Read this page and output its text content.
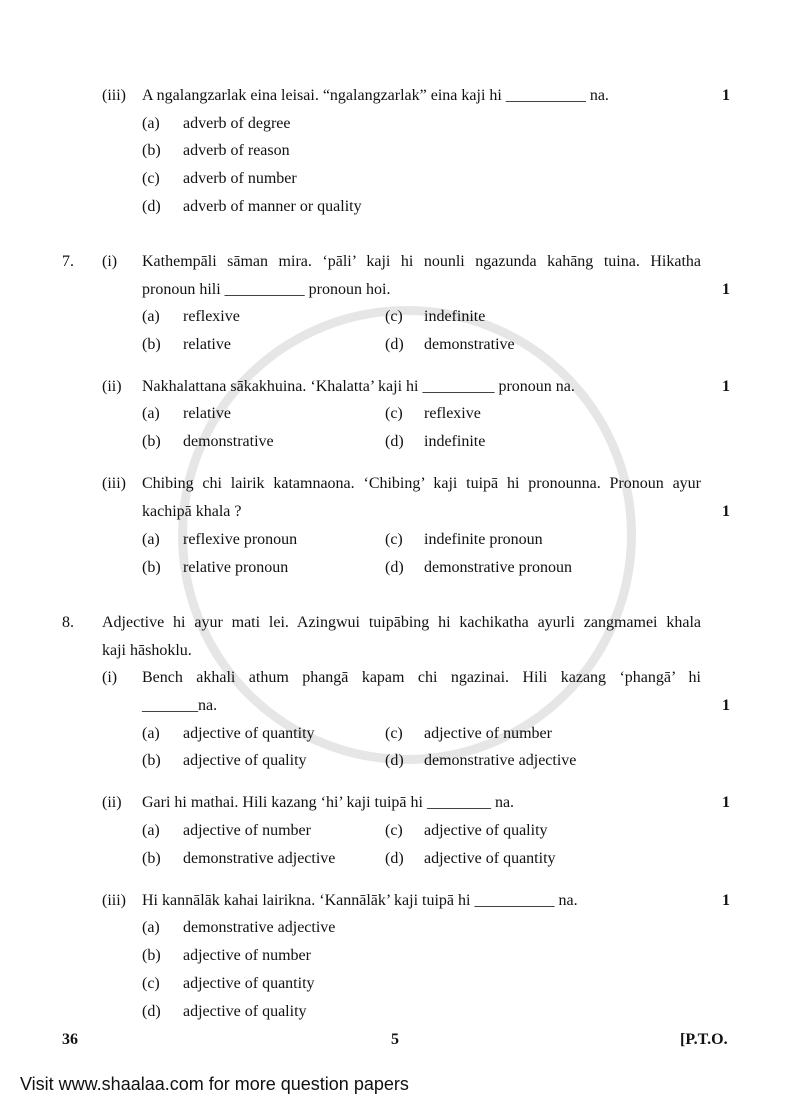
(iii) A ngalangzarlak eina leisai. “ngalangzarlak” eina kaji hi __________ na.	1
(a) adverb of degree
(b) adverb of reason
(c) adverb of number
(d) adverb of manner or quality
7. (i) Kathempāli sāman mira. ‘pāli’ kaji hi nounli ngazunda kahāng tuina. Hikatha
pronoun hili __________ pronoun hoi.	1
(a) reflexive	(c) indefinite
(b) relative	(d) demonstrative
(ii) Nakhalattana sākakhuina. ‘Khalatta’ kaji hi _________ pronoun na.	1
(a) relative	(c) reflexive
(b) demonstrative	(d) indefinite
(iii) Chibing chi lairik katamnaona. ‘Chibing’ kaji tuipā hi pronounna. Pronoun ayur
kachipā khala ?	1
(a) reflexive pronoun	(c) indefinite pronoun
(b) relative pronoun	(d) demonstrative pronoun
8. Adjective hi ayur mati lei. Azingwui tuipābing hi kachikatha ayurli zangmamei khala
kaji hāshoklu.
(i) Bench akhali athum phangā kapam chi ngazinai. Hili kazang ‘phangā’ hi
_______na.	1
(a) adjective of quantity	(c) adjective of number
(b) adjective of quality	(d) demonstrative adjective
(ii) Gari hi mathai. Hili kazang ‘hi’ kaji tuipā hi ________ na.	1
(a) adjective of number	(c) adjective of quality
(b) demonstrative adjective	(d) adjective of quantity
(iii) Hi kannālāk kahai lairikna. ‘Kannālāk’ kaji tuipā hi __________ na.	1
(a) demonstrative adjective
(b) adjective of number
(c) adjective of quantity
(d) adjective of quality
36	5	[P.T.O.
Visit www.shaalaa.com for more question papers
